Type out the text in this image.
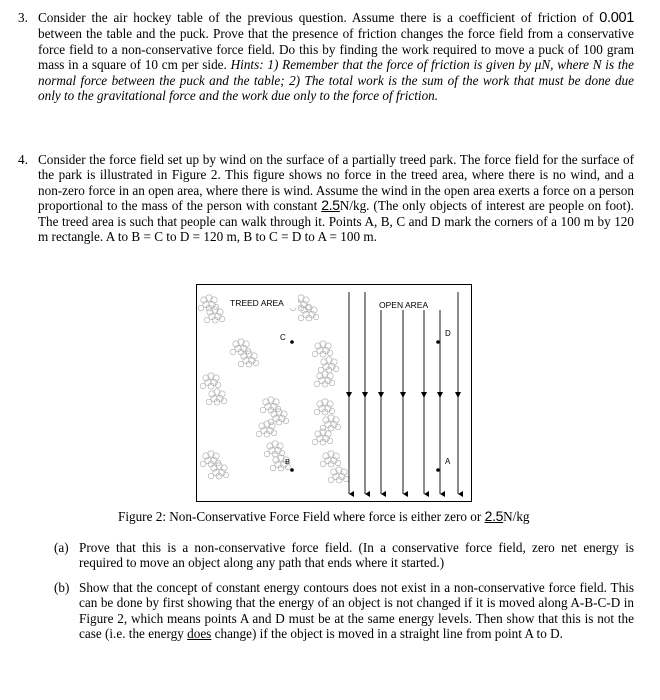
3. Consider the air hockey table of the previous question. Assume there is a coefficient of friction of 0.001 between the table and the puck. Prove that the presence of friction changes the force field from a conservative force field to a non-conservative force field. Do this by finding the work required to move a puck of 100 gram mass in a square of 10 cm per side. Hints: 1) Remember that the force of friction is given by μN, where N is the normal force between the puck and the table; 2) The total work is the sum of the work that must be done due only to the gravitational force and the work due only to the force of friction.

4. Consider the force field set up by wind on the surface of a partially treed park. The force field for the surface of the park is illustrated in Figure 2. This figure shows no force in the treed area, where there is no wind, and a non-zero force in an open area, where there is wind. Assume the wind in the open area exerts a force on a person proportional to the mass of the person with constant 2.5N/kg. (The only objects of interest are people on foot). The treed area is such that people can walk through it. Points A, B, C and D mark the corners of a 100 m by 120 m rectangle. A to B = C to D = 120 m, B to C = D to A = 100 m.

TREED AREA	OPEN AREA
C	D
B	A
Figure 2: Non-Conservative Force Field where force is either zero or 2.5N/kg
(a) Prove that this is a non-conservative force field. (In a conservative force field, zero net energy is required to move an object along any path that ends where it started.)

(b) Show that the concept of constant energy contours does not exist in a non-conservative force field. This can be done by first showing that the energy of an object is not changed if it is moved along A-B-C-D in Figure 2, which means points A and D must be at the same energy levels. Then show that this is not the case (i.e. the energy does change) if the object is moved in a straight line from point A to D.
